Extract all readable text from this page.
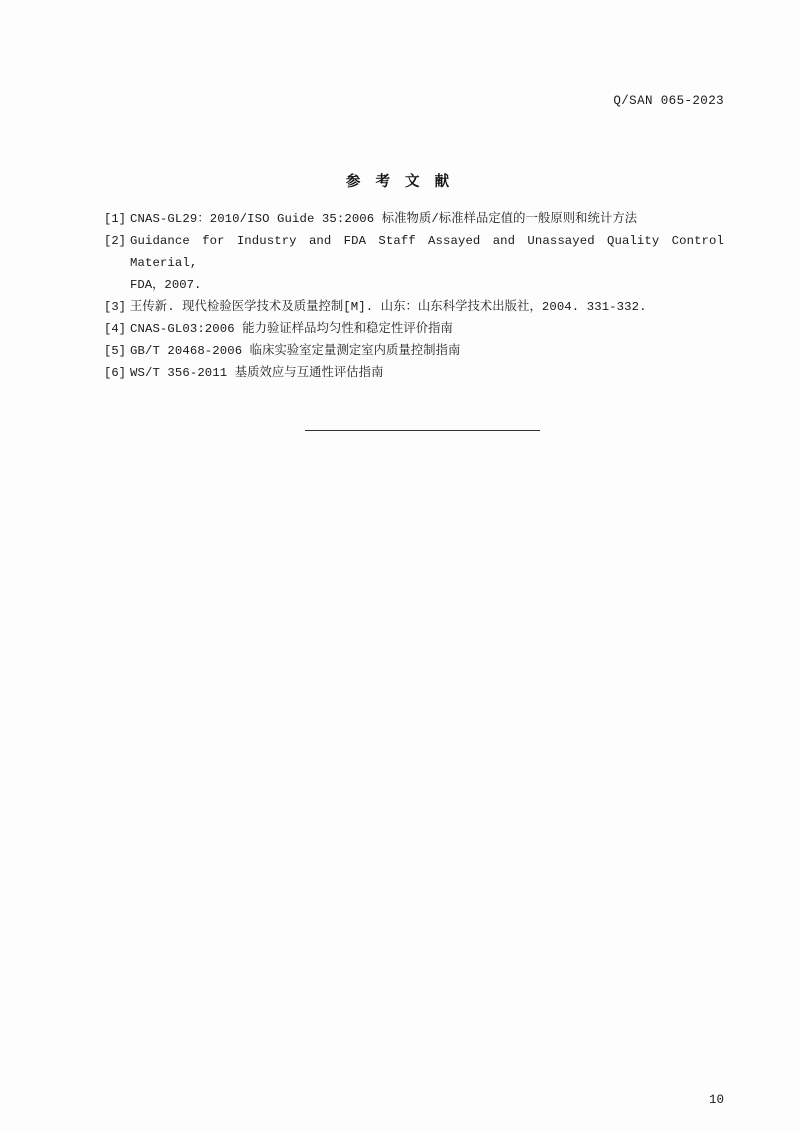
Q/SAN 065-2023
参 考 文 献
[1] CNAS-GL29：2010/ISO Guide 35:2006 标准物质/标准样品定值的一般原则和统计方法
[2] Guidance for Industry and FDA Staff Assayed and Unassayed Quality Control Material,
FDA，2007.
[3] 王传新. 现代检验医学技术及质量控制[M]. 山东：山东科学技术出版社，2004. 331-332.
[4] CNAS-GL03:2006 能力验证样品均匀性和稳定性评价指南
[5] GB/T 20468-2006 临床实验室定量测定室内质量控制指南
[6] WS/T 356-2011 基质效应与互通性评估指南
10
